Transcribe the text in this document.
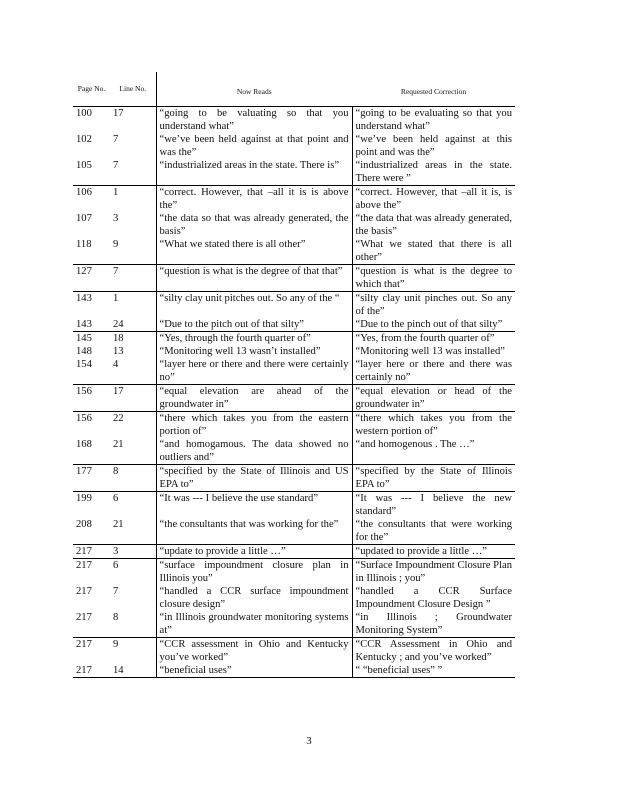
Page No.	Line No.	Now Reads	Requested Correction
100	17	“going to be valuating so that you understand what”	“going to be evaluating so that you understand what”
102	7	“we’ve been held against at that point and was the”	“we’ve been held against at this point and was the”
105	7	“industrialized areas in the state. There is”	“industrialized areas in the state. There were ”
106	1	“correct. However, that –all it is is above the”	“correct. However, that –all it is, is above the”
107	3	“the data so that was already generated, the basis”	“the data that was already generated, the basis”
118	9	“What we stated there is all other”	“What we stated that there is all other”
127	7	“question is what is the degree of that that”	“question is what is the degree to which that”
143	1	“silty clay unit pitches out. So any of the “	“silty clay unit pinches out. So any of the”
143	24	“Due to the pitch out of that silty”	“Due to the pinch out of that silty”
145	18	“Yes, through the fourth quarter of”	“Yes, from the fourth quarter of”
148	13	“Monitoring well 13 wasn’t installed”	“Monitoring well 13 was installed”
154	4	“layer here or there and there were certainly no”	“layer here or there and there was certainly no”
156	17	“equal elevation are ahead of the groundwater in”	“equal elevation or head of the groundwater in”
156	22	“there which takes you from the eastern portion of”	“there which takes you from the western portion of”
168	21	“and homogamous. The data showed no outliers and”	“and homogenous . The …”
177	8	“specified by the State of Illinois and US EPA to”	“specified by the State of Illinois EPA to”
199	6	“It was --- I believe the use standard”	“It was --- I believe the new standard”
208	21	“the consultants that was working for the”	“the consultants that were working for the”
217	3	“update to provide a little …”	“updated to provide a little …”
217	6	“surface impoundment closure plan in Illinois you”	“Surface Impoundment Closure Plan in Illinois ; you”
217	7	“handled a CCR surface impoundment closure design”	“handled a CCR Surface Impoundment Closure Design ”
217	8	“in Illinois groundwater monitoring systems at”	“in Illinois ; Groundwater Monitoring System”
217	9	“CCR assessment in Ohio and Kentucky you’ve worked”	“CCR Assessment in Ohio and Kentucky ; and you’ve worked”
217	14	“beneficial uses”	“ “beneficial uses” ”
3
